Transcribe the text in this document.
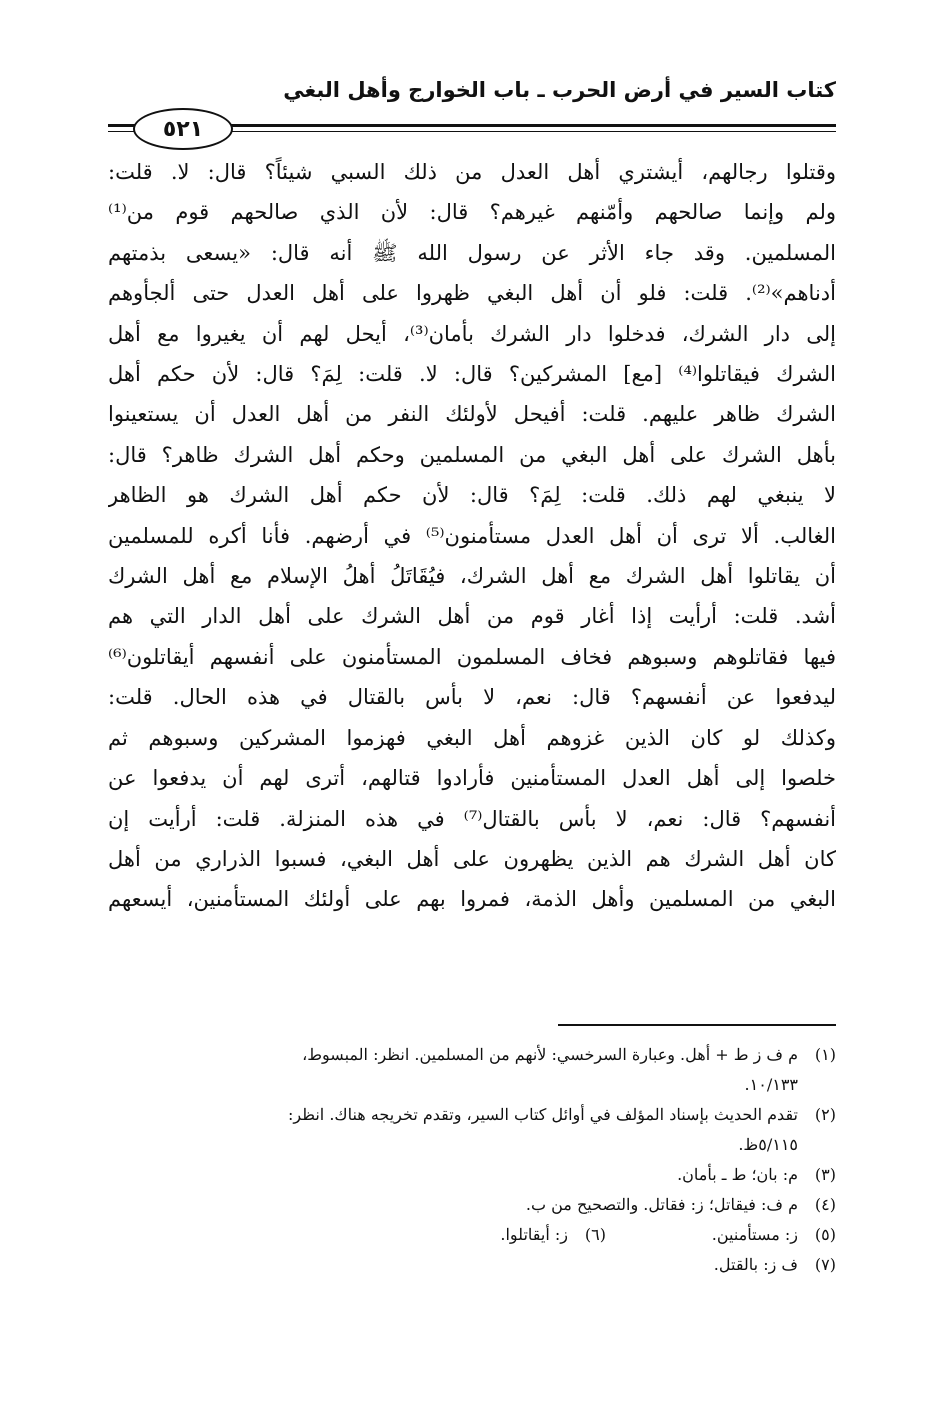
كتاب السير في أرض الحرب ـ باب الخوارج وأهل البغي
٥٢١
وقتلوا رجالهم، أيشتري أهل العدل من ذلك السبي شيئاً؟ قال: لا. قلت:
ولم وإنما صالحهم وأمّنهم غيرهم؟ قال: لأن الذي صالحهم قوم من⁽¹⁾
المسلمين. وقد جاء الأثر عن رسول الله ﷺ أنه قال: «يسعى بذمتهم
أدناهم»⁽²⁾. قلت: فلو أن أهل البغي ظهروا على أهل العدل حتى ألجأوهم
إلى دار الشرك، فدخلوا دار الشرك بأمان⁽³⁾، أيحل لهم أن يغيروا مع أهل
الشرك فيقاتلوا⁽⁴⁾ [مع] المشركين؟ قال: لا. قلت: لِمَ؟ قال: لأن حكم أهل
الشرك ظاهر عليهم. قلت: أفيحل لأولئك النفر من أهل العدل أن يستعينوا
بأهل الشرك على أهل البغي من المسلمين وحكم أهل الشرك ظاهر؟ قال:
لا ينبغي لهم ذلك. قلت: لِمَ؟ قال: لأن حكم أهل الشرك هو الظاهر
الغالب. ألا ترى أن أهل العدل مستأمنون⁽⁵⁾ في أرضهم. فأنا أكره للمسلمين
أن يقاتلوا أهل الشرك مع أهل الشرك، فيُقَاتَلُ أهلُ الإسلام مع أهل الشرك
أشد. قلت: أرأيت إذا أغار قوم من أهل الشرك على أهل الدار التي هم
فيها فقاتلوهم وسبوهم فخاف المسلمون المستأمنون على أنفسهم أيقاتلون⁽⁶⁾
ليدفعوا عن أنفسهم؟ قال: نعم، لا بأس بالقتال في هذه الحال. قلت:
وكذلك لو كان الذين غزوهم أهل البغي فهزموا المشركين وسبوهم ثم
خلصوا إلى أهل العدل المستأمنين فأرادوا قتالهم، أترى لهم أن يدفعوا عن
أنفسهم؟ قال: نعم، لا بأس بالقتال⁽⁷⁾ في هذه المنزلة. قلت: أرأيت إن
كان أهل الشرك هم الذين يظهرون على أهل البغي، فسبوا الذراري من أهل
البغي من المسلمين وأهل الذمة، فمروا بهم على أولئك المستأمنين، أيسعهم
(١)
م ف ز ط + أهل. وعبارة السرخسي: لأنهم من المسلمين. انظر: المبسوط،
١٠/١٣٣.
(٢)
تقدم الحديث بإسناد المؤلف في أوائل كتاب السير، وتقدم تخريجه هناك. انظر:
٥/١١٥ظ.
(٣)
م: بان؛ ط ـ بأمان.
(٤)
م ف: فيقاتل؛ ز: فقاتل. والتصحيح من ب.
(٥)
ز: مستأمنين.
(٦)
ز: أيقاتلوا.
(٧)
ف ز: بالقتل.
